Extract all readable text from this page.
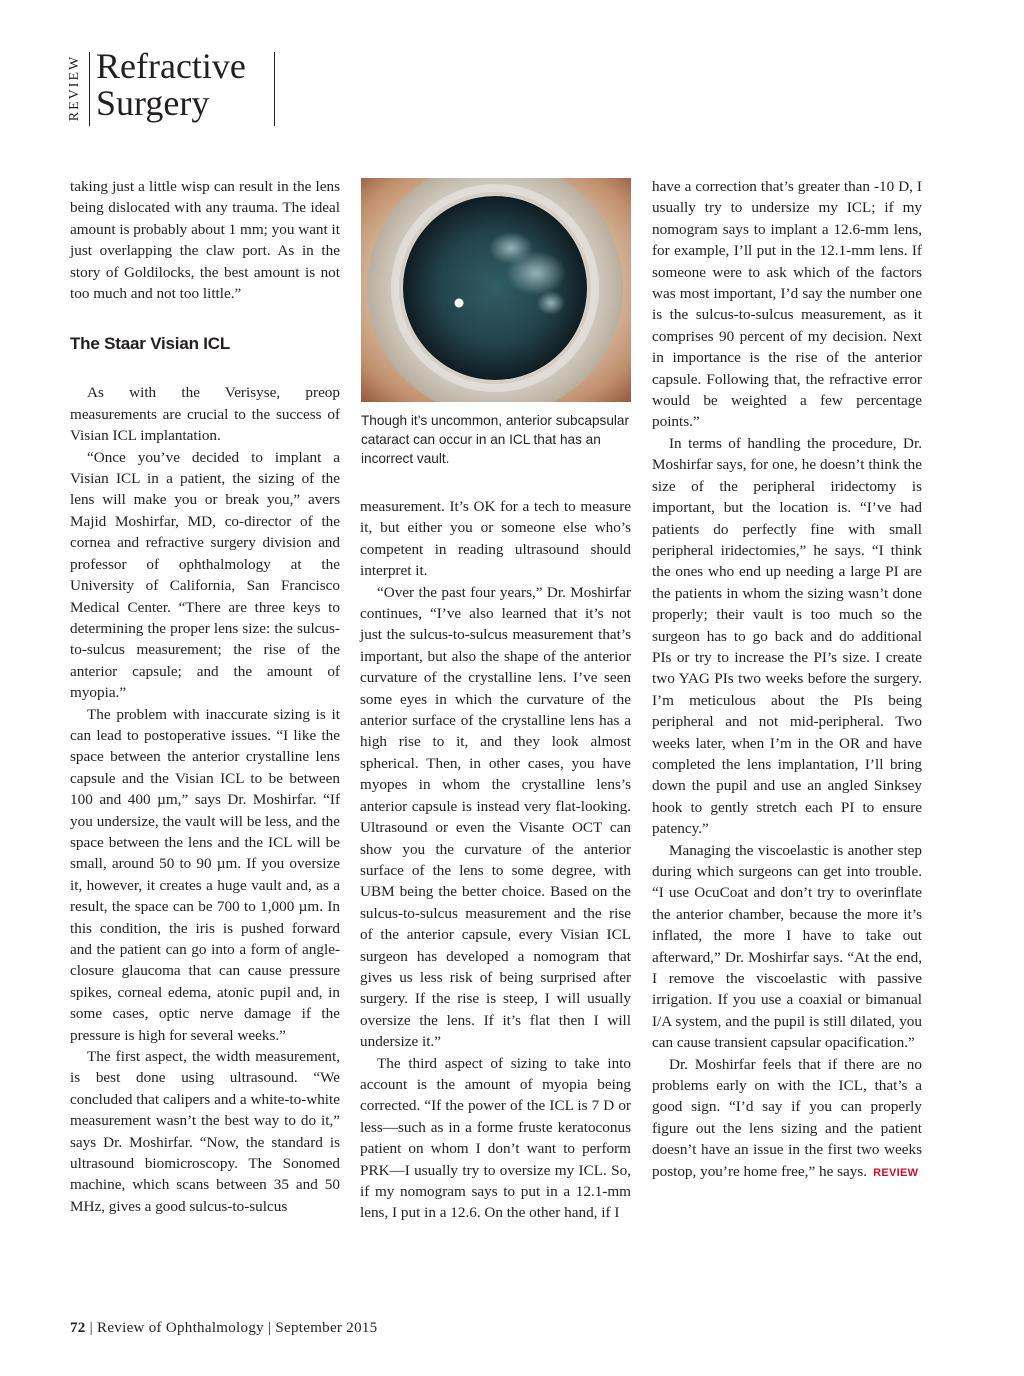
REVIEW Refractive Surgery

taking just a little wisp can result in the lens being dislocated with any trauma. The ideal amount is probably about 1 mm; you want it just overlapping the claw port. As in the story of Goldilocks, the best amount is not too much and not too little.”

The Staar Visian ICL

As with the Verisyse, preop measurements are crucial to the success of Visian ICL implantation.

“Once you’ve decided to implant a Visian ICL in a patient, the sizing of the lens will make you or break you,” avers Majid Moshirfar, MD, co-director of the cornea and refractive surgery division and professor of ophthalmology at the University of California, San Francisco Medical Center. “There are three keys to determining the proper lens size: the sulcus-to-sulcus measurement; the rise of the anterior capsule; and the amount of myopia.”

The problem with inaccurate sizing is it can lead to postoperative issues. “I like the space between the anterior crystalline lens capsule and the Visian ICL to be between 100 and 400 µm,” says Dr. Moshirfar. “If you undersize, the vault will be less, and the space between the lens and the ICL will be small, around 50 to 90 µm. If you oversize it, however, it creates a huge vault and, as a result, the space can be 700 to 1,000 µm. In this condition, the iris is pushed forward and the patient can go into a form of angle-closure glaucoma that can cause pressure spikes, corneal edema, atonic pupil and, in some cases, optic nerve damage if the pressure is high for several weeks.”

The first aspect, the width measurement, is best done using ultrasound. “We concluded that calipers and a white-to-white measurement wasn’t the best way to do it,” says Dr. Moshirfar. “Now, the standard is ultrasound biomicroscopy. The Sonomed machine, which scans between 35 and 50 MHz, gives a good sulcus-to-sulcus

Though it’s uncommon, anterior subcapsular cataract can occur in an ICL that has an incorrect vault.

measurement. It’s OK for a tech to measure it, but either you or someone else who’s competent in reading ultrasound should interpret it.

“Over the past four years,” Dr. Moshirfar continues, “I’ve also learned that it’s not just the sulcus-to-sulcus measurement that’s important, but also the shape of the anterior curvature of the crystalline lens. I’ve seen some eyes in which the curvature of the anterior surface of the crystalline lens has a high rise to it, and they look almost spherical. Then, in other cases, you have myopes in whom the crystalline lens’s anterior capsule is instead very flat-looking. Ultrasound or even the Visante OCT can show you the curvature of the anterior surface of the lens to some degree, with UBM being the better choice. Based on the sulcus-to-sulcus measurement and the rise of the anterior capsule, every Visian ICL surgeon has developed a nomogram that gives us less risk of being surprised after surgery. If the rise is steep, I will usually oversize the lens. If it’s flat then I will undersize it.”

The third aspect of sizing to take into account is the amount of myopia being corrected. “If the power of the ICL is 7 D or less—such as in a forme fruste keratoconus patient on whom I don’t want to perform PRK—I usually try to oversize my ICL. So, if my nomogram says to put in a 12.1-mm lens, I put in a 12.6. On the other hand, if I

have a correction that’s greater than -10 D, I usually try to undersize my ICL; if my nomogram says to implant a 12.6-mm lens, for example, I’ll put in the 12.1-mm lens. If someone were to ask which of the factors was most important, I’d say the number one is the sulcus-to-sulcus measurement, as it comprises 90 percent of my decision. Next in importance is the rise of the anterior capsule. Following that, the refractive error would be weighted a few percentage points.”

In terms of handling the procedure, Dr. Moshirfar says, for one, he doesn’t think the size of the peripheral iridectomy is important, but the location is. “I’ve had patients do perfectly fine with small peripheral iridectomies,” he says. “I think the ones who end up needing a large PI are the patients in whom the sizing wasn’t done properly; their vault is too much so the surgeon has to go back and do additional PIs or try to increase the PI’s size. I create two YAG PIs two weeks before the surgery. I’m meticulous about the PIs being peripheral and not mid-peripheral. Two weeks later, when I’m in the OR and have completed the lens implantation, I’ll bring down the pupil and use an angled Sinksey hook to gently stretch each PI to ensure patency.”

Managing the viscoelastic is another step during which surgeons can get into trouble. “I use OcuCoat and don’t try to overinflate the anterior chamber, because the more it’s inflated, the more I have to take out afterward,” Dr. Moshirfar says. “At the end, I remove the viscoelastic with passive irrigation. If you use a coaxial or bimanual I/A system, and the pupil is still dilated, you can cause transient capsular opacification.”

Dr. Moshirfar feels that if there are no problems early on with the ICL, that’s a good sign. “I’d say if you can properly figure out the lens sizing and the patient doesn’t have an issue in the first two weeks postop, you’re home free,” he says. REVIEW

72 | Review of Ophthalmology | September 2015
